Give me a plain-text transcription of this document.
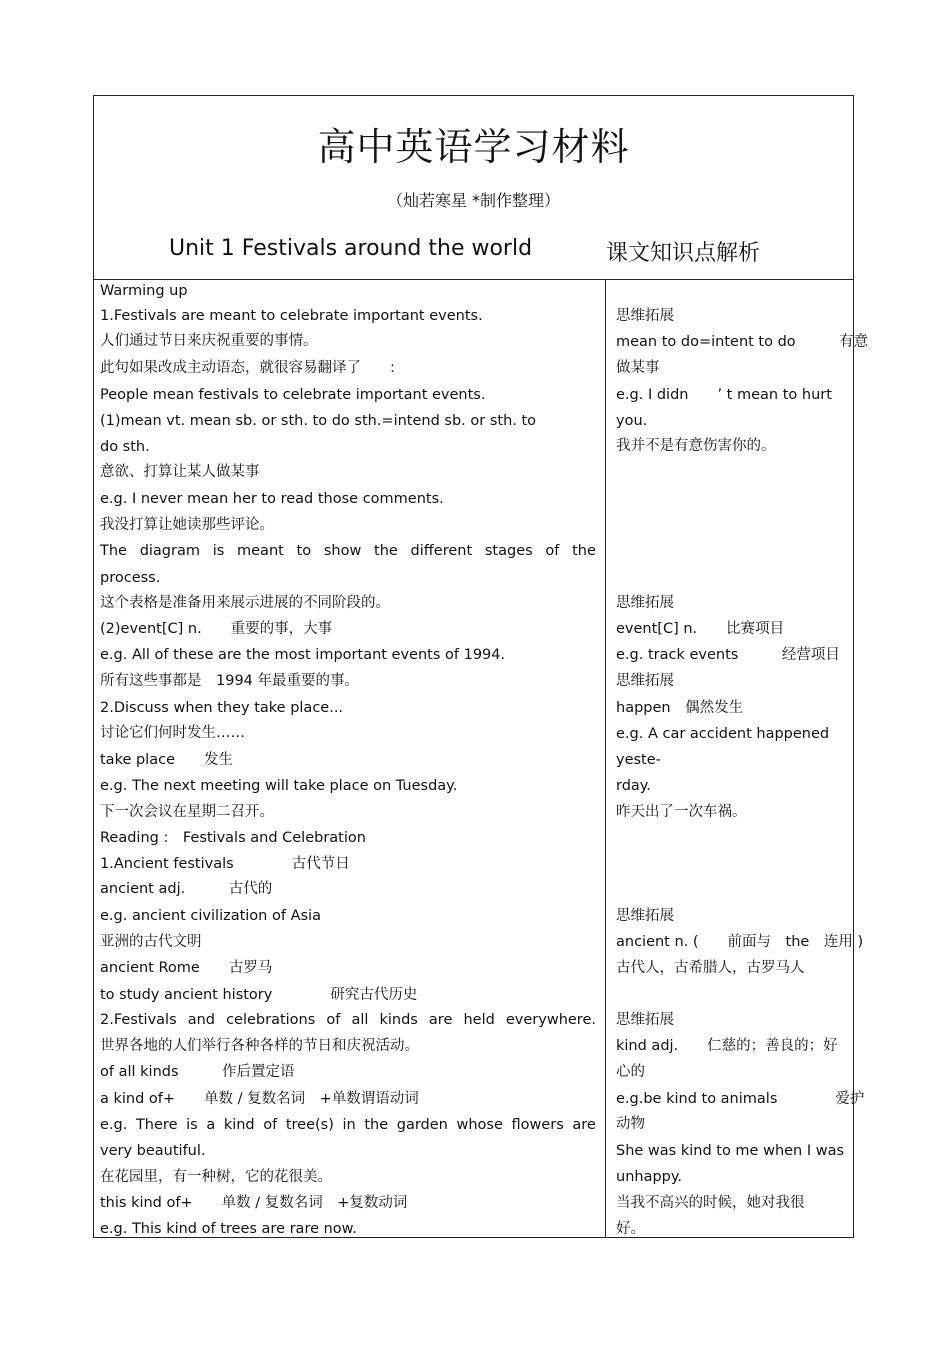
高中英语学习材料
（灿若寒星 *制作整理）
Unit 1 Festivals around the world	课文知识点解析
Warming up
1.Festivals are meant to celebrate important events.
人们通过节日来庆祝重要的事情。
此句如果改成主动语态，就很容易翻译了　　:
People mean festivals to celebrate important events.
(1)mean vt. mean sb. or sth. to do sth.=intend sb. or sth. to
do sth.
意欲、打算让某人做某事
e.g. I never mean her to read those comments.
我没打算让她读那些评论。
The diagram is meant to show the different stages of the
process.
这个表格是准备用来展示进展的不同阶段的。
(2)event[C] n.　　重要的事，大事
e.g. All of these are the most important events of 1994.
所有这些事都是　1994 年最重要的事。
2.Discuss when they take place...
讨论它们何时发生……
take place　　发生
e.g. The next meeting will take place on Tuesday.
下一次会议在星期二召开。
Reading :　Festivals and Celebration
1.Ancient festivals　　　　古代节日
ancient adj.　　　古代的
e.g. ancient civilization of Asia
亚洲的古代文明
ancient Rome　　古罗马
to study ancient history　　　　研究古代历史
2.Festivals and celebrations of all kinds are held everywhere.
世界各地的人们举行各种各样的节日和庆祝活动。
of all kinds　　　作后置定语
a kind of+　　单数 / 复数名词　+单数谓语动词
e.g. There is a kind of tree(s) in the garden whose flowers are
very beautiful.
在花园里，有一种树，它的花很美。
this kind of+　　单数 / 复数名词　+复数动词
e.g. This kind of trees are rare now.
思维拓展
mean to do=intent to do　　　有意
做某事
e.g. I didn　　’ t mean to hurt
you.
我并不是有意伤害你的。
思维拓展
event[C] n.　　比赛项目
e.g. track events　　　经营项目
思维拓展
happen　偶然发生
e.g. A car accident happened
yeste-
rday.
昨天出了一次车祸。
思维拓展
ancient n. (　　前面与　the　连用 )
古代人，古希腊人，古罗马人
思维拓展
kind adj.　　仁慈的；善良的；好
心的
e.g.be kind to animals　　　　爱护
动物
She was kind to me when I was
unhappy.
当我不高兴的时候，她对我很
好。
